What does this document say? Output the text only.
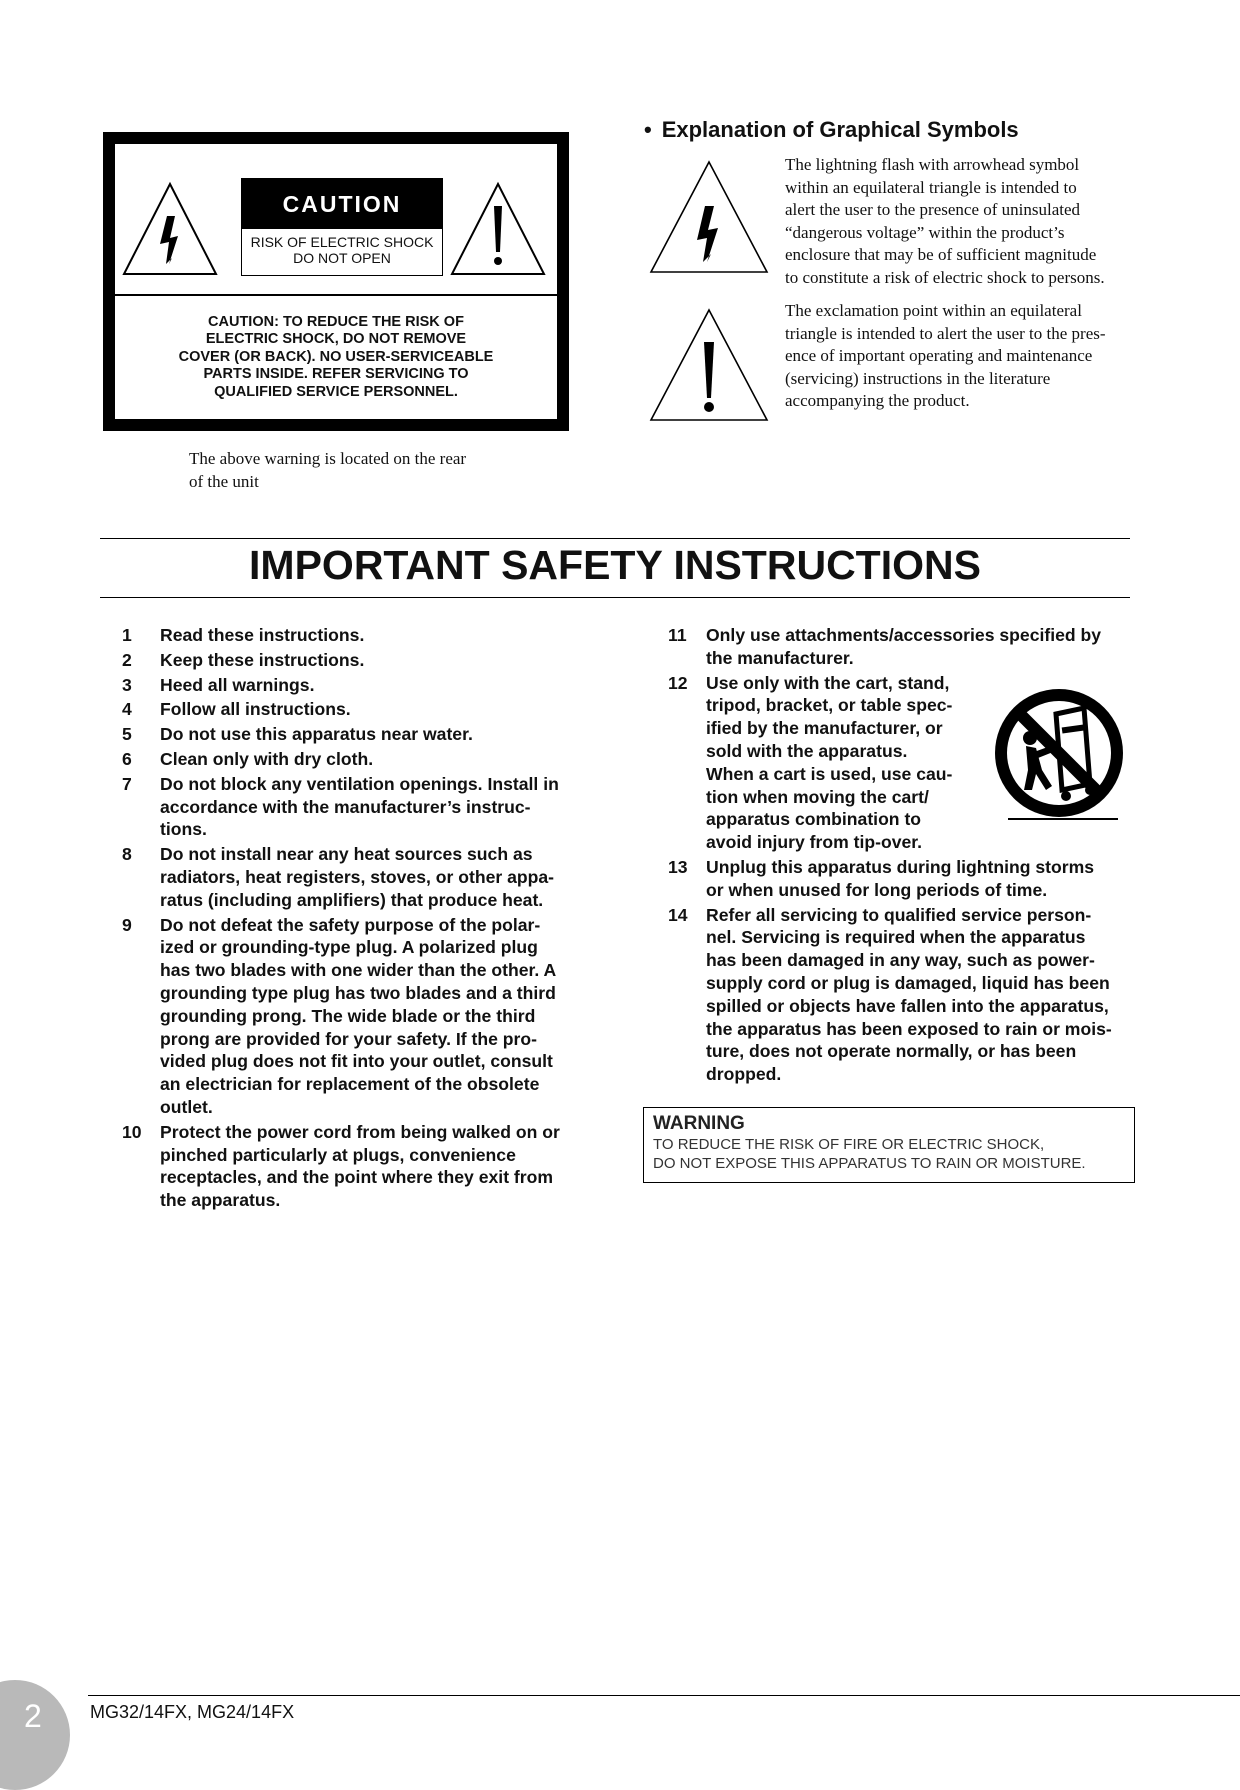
CAUTION
RISK OF ELECTRIC SHOCK
DO NOT OPEN
CAUTION: TO REDUCE THE RISK OF
ELECTRIC SHOCK, DO NOT REMOVE
COVER (OR BACK). NO USER-SERVICEABLE
PARTS INSIDE. REFER SERVICING TO
QUALIFIED SERVICE PERSONNEL.
The above warning is located on the rear
of the unit
• Explanation of Graphical Symbols
The lightning flash with arrowhead symbol
within an equilateral triangle is intended to
alert the user to the presence of uninsulated
“dangerous voltage” within the product’s
enclosure that may be of sufficient magnitude
to constitute a risk of electric shock to persons.
The exclamation point within an equilateral
triangle is intended to alert the user to the pres-
ence of important operating and maintenance
(servicing) instructions in the literature
accompanying the product.
IMPORTANT SAFETY INSTRUCTIONS
1	Read these instructions.
2	Keep these instructions.
3	Heed all warnings.
4	Follow all instructions.
5	Do not use this apparatus near water.
6	Clean only with dry cloth.
7	Do not block any ventilation openings. Install in
accordance with the manufacturer’s instruc-
tions.
8	Do not install near any heat sources such as
radiators, heat registers, stoves, or other appa-
ratus (including amplifiers) that produce heat.
9	Do not defeat the safety purpose of the polar-
ized or grounding-type plug. A polarized plug
has two blades with one wider than the other. A
grounding type plug has two blades and a third
grounding prong. The wide blade or the third
prong are provided for your safety. If the pro-
vided plug does not fit into your outlet, consult
an electrician for replacement of the obsolete
outlet.
10	Protect the power cord from being walked on or
pinched particularly at plugs, convenience
receptacles, and the point where they exit from
the apparatus.
11	Only use attachments/accessories specified by
the manufacturer.
12	Use only with the cart, stand,
tripod, bracket, or table spec-
ified by the manufacturer, or
sold with the apparatus.
When a cart is used, use cau-
tion when moving the cart/
apparatus combination to
avoid injury from tip-over.
13	Unplug this apparatus during lightning storms
or when unused for long periods of time.
14	Refer all servicing to qualified service person-
nel. Servicing is required when the apparatus
has been damaged in any way, such as power-
supply cord or plug is damaged, liquid has been
spilled or objects have fallen into the apparatus,
the apparatus has been exposed to rain or mois-
ture, does not operate normally, or has been
dropped.
WARNING
TO REDUCE THE RISK OF FIRE OR ELECTRIC SHOCK,
DO NOT EXPOSE THIS APPARATUS TO RAIN OR MOISTURE.
2	MG32/14FX, MG24/14FX
